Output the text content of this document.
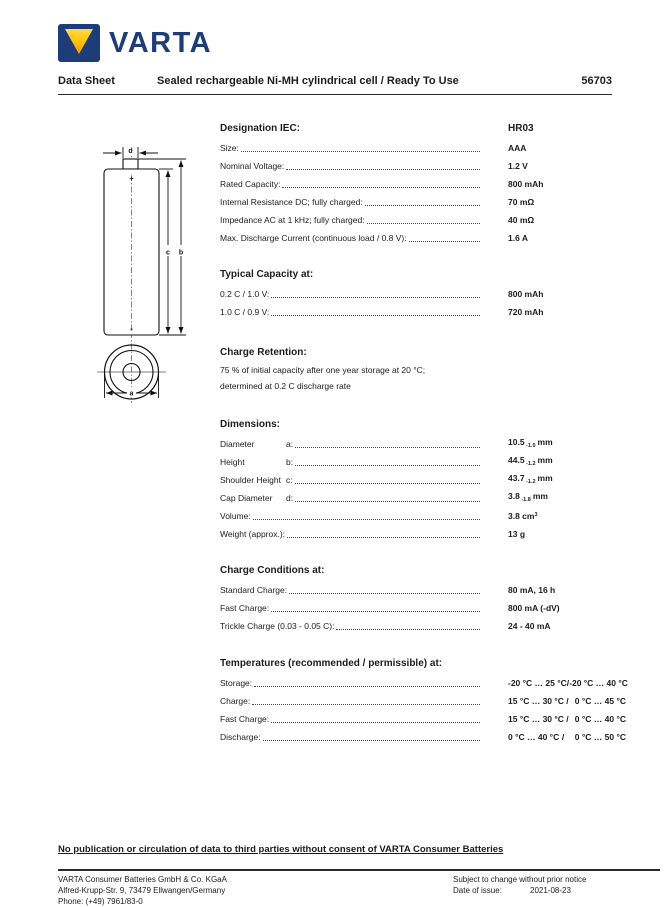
VARTA
Data Sheet	Sealed rechargeable Ni-MH cylindrical cell / Ready To Use	56703
d
+
c b
a
Designation IEC:	HR03
Size:	AAA
Nominal Voltage:	1.2 V
Rated Capacity:	800 mAh
Internal Resistance DC; fully charged:	70 mΩ
Impedance AC at 1 kHz; fully charged:	40 mΩ
Max. Discharge Current (continuous load / 0.8 V):	1.6 A
Typical Capacity at:
0.2 C / 1.0 V:	800 mAh
1.0 C / 0.9 V:	720 mAh
Charge Retention:
75 % of initial capacity after one year storage at 20 °C;
determined at 0.2 C discharge rate
Dimensions:
Diameter	a:	10.5 -1.0 mm
Height	b:	44.5 -1.2 mm
Shoulder Height c:	43.7 -1.2 mm
Cap Diameter d:	3.8 -1.8 mm
Volume:	3.8 $cm^3$
Weight (approx.):	13 g
Charge Conditions at:
Standard Charge:	80 mA, 16 h
Fast Charge:	800 mA (-dV)
Trickle Charge (0.03 - 0.05 C):	24 - 40 mA
Temperatures (recommended / permissible) at:
Storage:	-20 °C … 25 °C / -20 °C … 40 °C
Charge:	15 °C … 30 °C / 0 °C … 45 °C
Fast Charge:	15 °C … 30 °C / 0 °C … 40 °C
Discharge:	0 °C … 40 °C /	0 °C … 50 °C
No publication or circulation of data to third parties without consent of VARTA Consumer Batteries
VARTA Consumer Batteries GmbH & Co. KGaA
Alfred-Krupp-Str. 9, 73479 Ellwangen/Germany
Phone: (+49) 7961/83-0
Subject to change without prior notice
Date of issue:	2021-08-23
